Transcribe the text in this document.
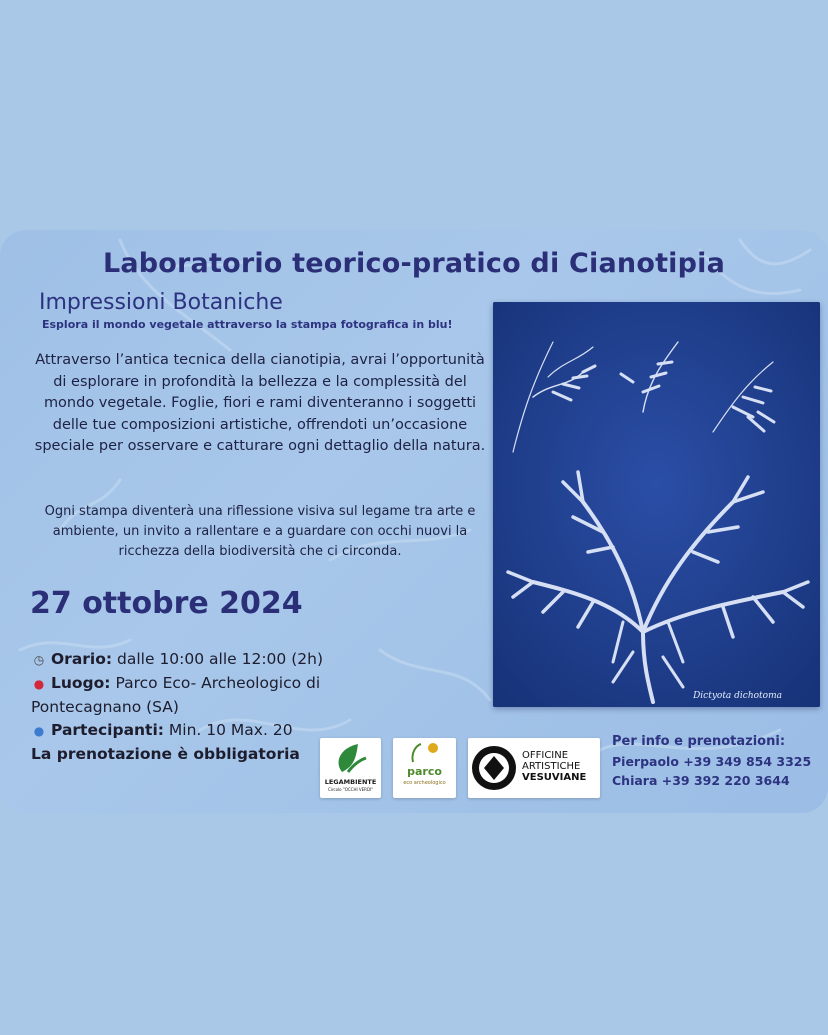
Laboratorio teorico-pratico di Cianotipia
Impressioni Botaniche
Esplora il mondo vegetale attraverso la stampa fotografica in blu!
Attraverso l’antica tecnica della cianotipia, avrai l’opportunità di esplorare in profondità la bellezza e la complessità del mondo vegetale. Foglie, fiori e rami diventeranno i soggetti delle tue composizioni artistiche, offrendoti un’occasione speciale per osservare e catturare ogni dettaglio della natura.
Ogni stampa diventerà una riflessione visiva sul legame tra arte e ambiente, un invito a rallentare e a guardare con occhi nuovi la ricchezza della biodiversità che ci circonda.
27 ottobre 2024
◷ Orario: dalle 10:00 alle 12:00 (2h)
● Luogo: Parco Eco- Archeologico di Pontecagnano (SA)
● Partecipanti: Min. 10 Max. 20
La prenotazione è obbligatoria
Dictyota dichotoma
LEGAMBIENTE
Circolo "OCCHI VERDI"
parco
eco archeologico
OFFICINE
ARTISTICHE
VESUVIANE
Per info e prenotazioni:
Pierpaolo +39 349 854 3325
Chiara +39 392 220 3644
